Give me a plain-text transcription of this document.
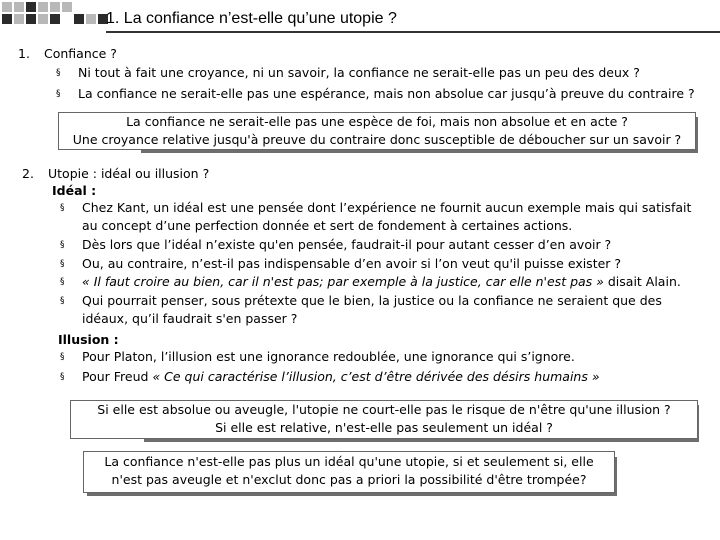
1. La confiance n’est-elle qu’une utopie ?
1. Confiance ?
§ Ni tout à fait une croyance, ni un savoir, la confiance ne serait-elle pas un peu des deux ?
§ La confiance ne serait-elle pas une espérance, mais non absolue car jusqu’à preuve du contraire ?
La confiance ne serait-elle pas une espèce de foi, mais non absolue et en acte ?
Une croyance relative jusqu'à preuve du contraire donc susceptible de déboucher sur un savoir ?
2. Utopie : idéal ou illusion ?
Idéal :
§ Chez Kant, un idéal est une pensée dont l’expérience ne fournit aucun exemple mais qui satisfait
au concept d’une perfection donnée et sert de fondement à certaines actions.
§ Dès lors que l’idéal n’existe qu'en pensée, faudrait-il pour autant cesser d’en avoir ?
§ Ou, au contraire, n’est-il pas indispensable d’en avoir si l’on veut qu'il puisse exister ?
§ « Il faut croire au bien, car il n'est pas; par exemple à la justice, car elle n'est pas » disait Alain.
§ Qui pourrait penser, sous prétexte que le bien, la justice ou la confiance ne seraient que des
idéaux, qu’il faudrait s'en passer ?
Illusion :
§ Pour Platon, l’illusion est une ignorance redoublée, une ignorance qui s’ignore.
§ Pour Freud « Ce qui caractérise l’illusion, c’est d’être dérivée des désirs humains »
Si elle est absolue ou aveugle, l'utopie ne court-elle pas le risque de n'être qu'une illusion ?
Si elle est relative, n'est-elle pas seulement un idéal ?
La confiance n'est-elle pas plus un idéal qu'une utopie, si et seulement si, elle
n'est pas aveugle et n'exclut donc pas a priori la possibilité d'être trompée?
